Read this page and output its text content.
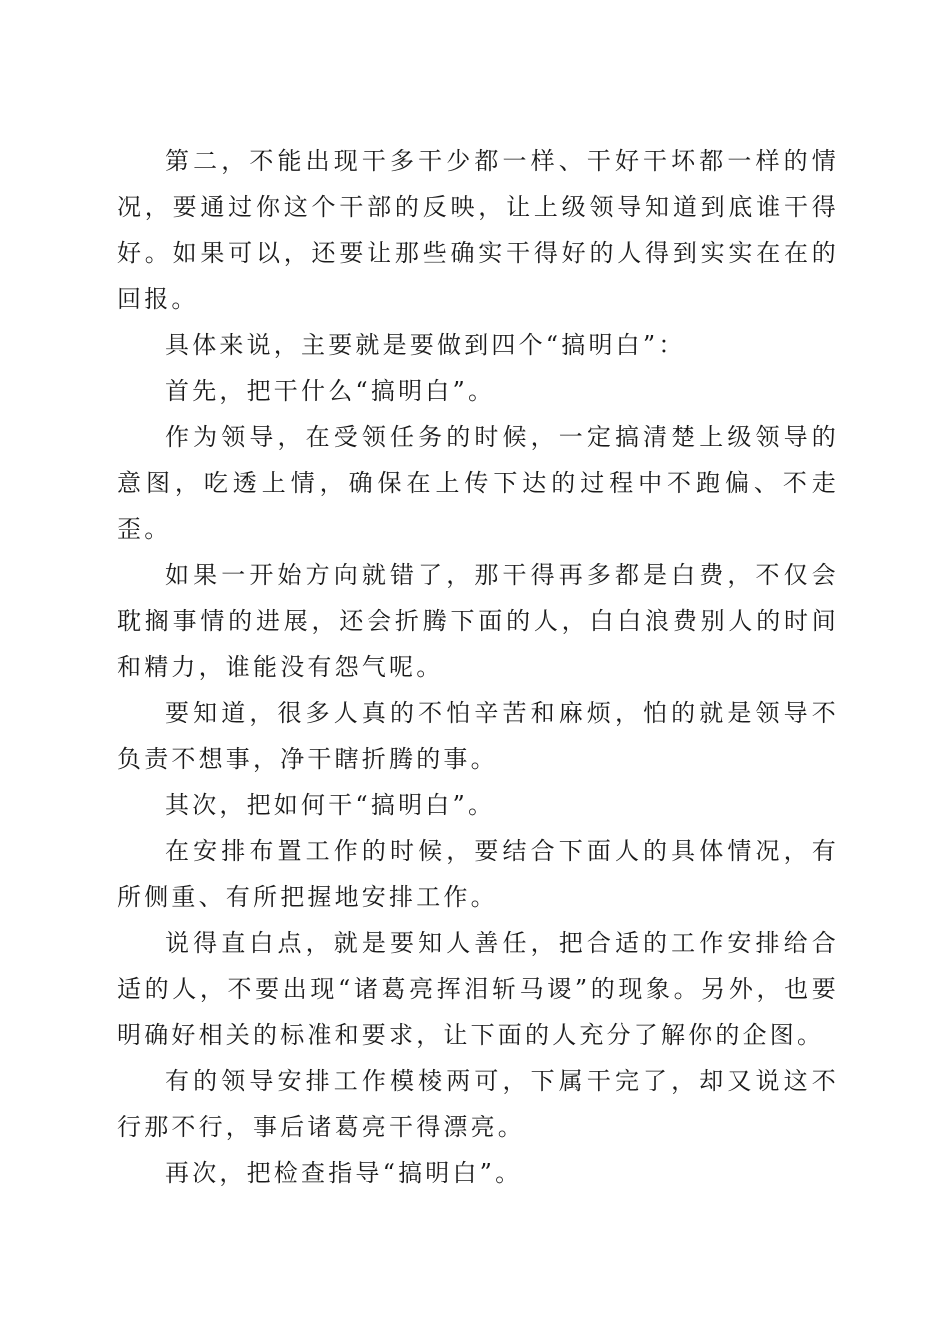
第二，不能出现干多干少都一样、干好干坏都一样的情况，要通过你这个干部的反映，让上级领导知道到底谁干得好。如果可以，还要让那些确实干得好的人得到实实在在的回报。

具体来说，主要就是要做到四个“搞明白”：

首先，把干什么“搞明白”。

作为领导，在受领任务的时候，一定搞清楚上级领导的意图，吃透上情，确保在上传下达的过程中不跑偏、不走歪。

如果一开始方向就错了，那干得再多都是白费，不仅会耽搁事情的进展，还会折腾下面的人，白白浪费别人的时间和精力，谁能没有怨气呢。

要知道，很多人真的不怕辛苦和麻烦，怕的就是领导不负责不想事，净干瞎折腾的事。

其次，把如何干“搞明白”。

在安排布置工作的时候，要结合下面人的具体情况，有所侧重、有所把握地安排工作。

说得直白点，就是要知人善任，把合适的工作安排给合适的人，不要出现“诸葛亮挥泪斩马谡”的现象。另外，也要明确好相关的标准和要求，让下面的人充分了解你的企图。

有的领导安排工作模棱两可，下属干完了，却又说这不行那不行，事后诸葛亮干得漂亮。

再次，把检查指导“搞明白”。
